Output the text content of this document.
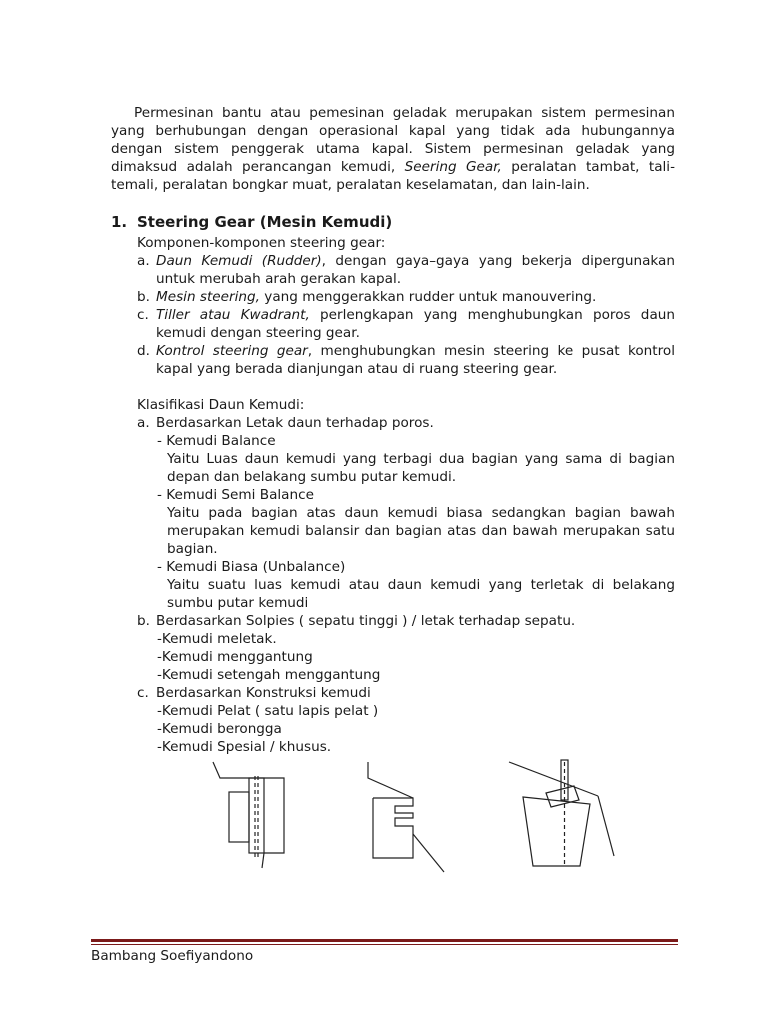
Permesinan bantu atau pemesinan geladak merupakan sistem permesinan yang berhubungan dengan operasional kapal yang tidak ada hubungannya dengan sistem penggerak utama kapal. Sistem permesinan geladak yang dimaksud adalah perancangan kemudi, Seering Gear, peralatan tambat, tali-temali, peralatan bongkar muat, peralatan keselamatan, dan lain-lain.

1. Steering Gear (Mesin Kemudi)

Komponen-komponen steering gear:

a. Daun Kemudi (Rudder), dengan gaya–gaya yang bekerja dipergunakan untuk merubah arah gerakan kapal.

b. Mesin steering, yang menggerakkan rudder untuk manouvering.

c. Tiller atau Kwadrant, perlengkapan yang menghubungkan poros daun kemudi dengan steering gear.

d. Kontrol steering gear, menghubungkan mesin steering ke pusat kontrol kapal yang berada dianjungan atau di ruang steering gear.

Klasifikasi Daun Kemudi:

a. Berdasarkan Letak daun terhadap poros.

- Kemudi Balance

Yaitu Luas daun kemudi yang terbagi dua bagian yang sama di bagian depan dan belakang sumbu putar kemudi.

- Kemudi Semi Balance

Yaitu pada bagian atas daun kemudi biasa sedangkan bagian bawah merupakan kemudi balansir dan bagian atas dan bawah merupakan satu bagian.

- Kemudi Biasa (Unbalance)

Yaitu suatu luas kemudi atau daun kemudi yang terletak di belakang sumbu putar kemudi

b. Berdasarkan Solpies ( sepatu tinggi ) / letak terhadap sepatu.

-Kemudi meletak.

-Kemudi menggantung

-Kemudi setengah menggantung

c. Berdasarkan Konstruksi kemudi

-Kemudi Pelat ( satu lapis pelat )

-Kemudi berongga

-Kemudi Spesial / khusus.

Bambang Soefiyandono
